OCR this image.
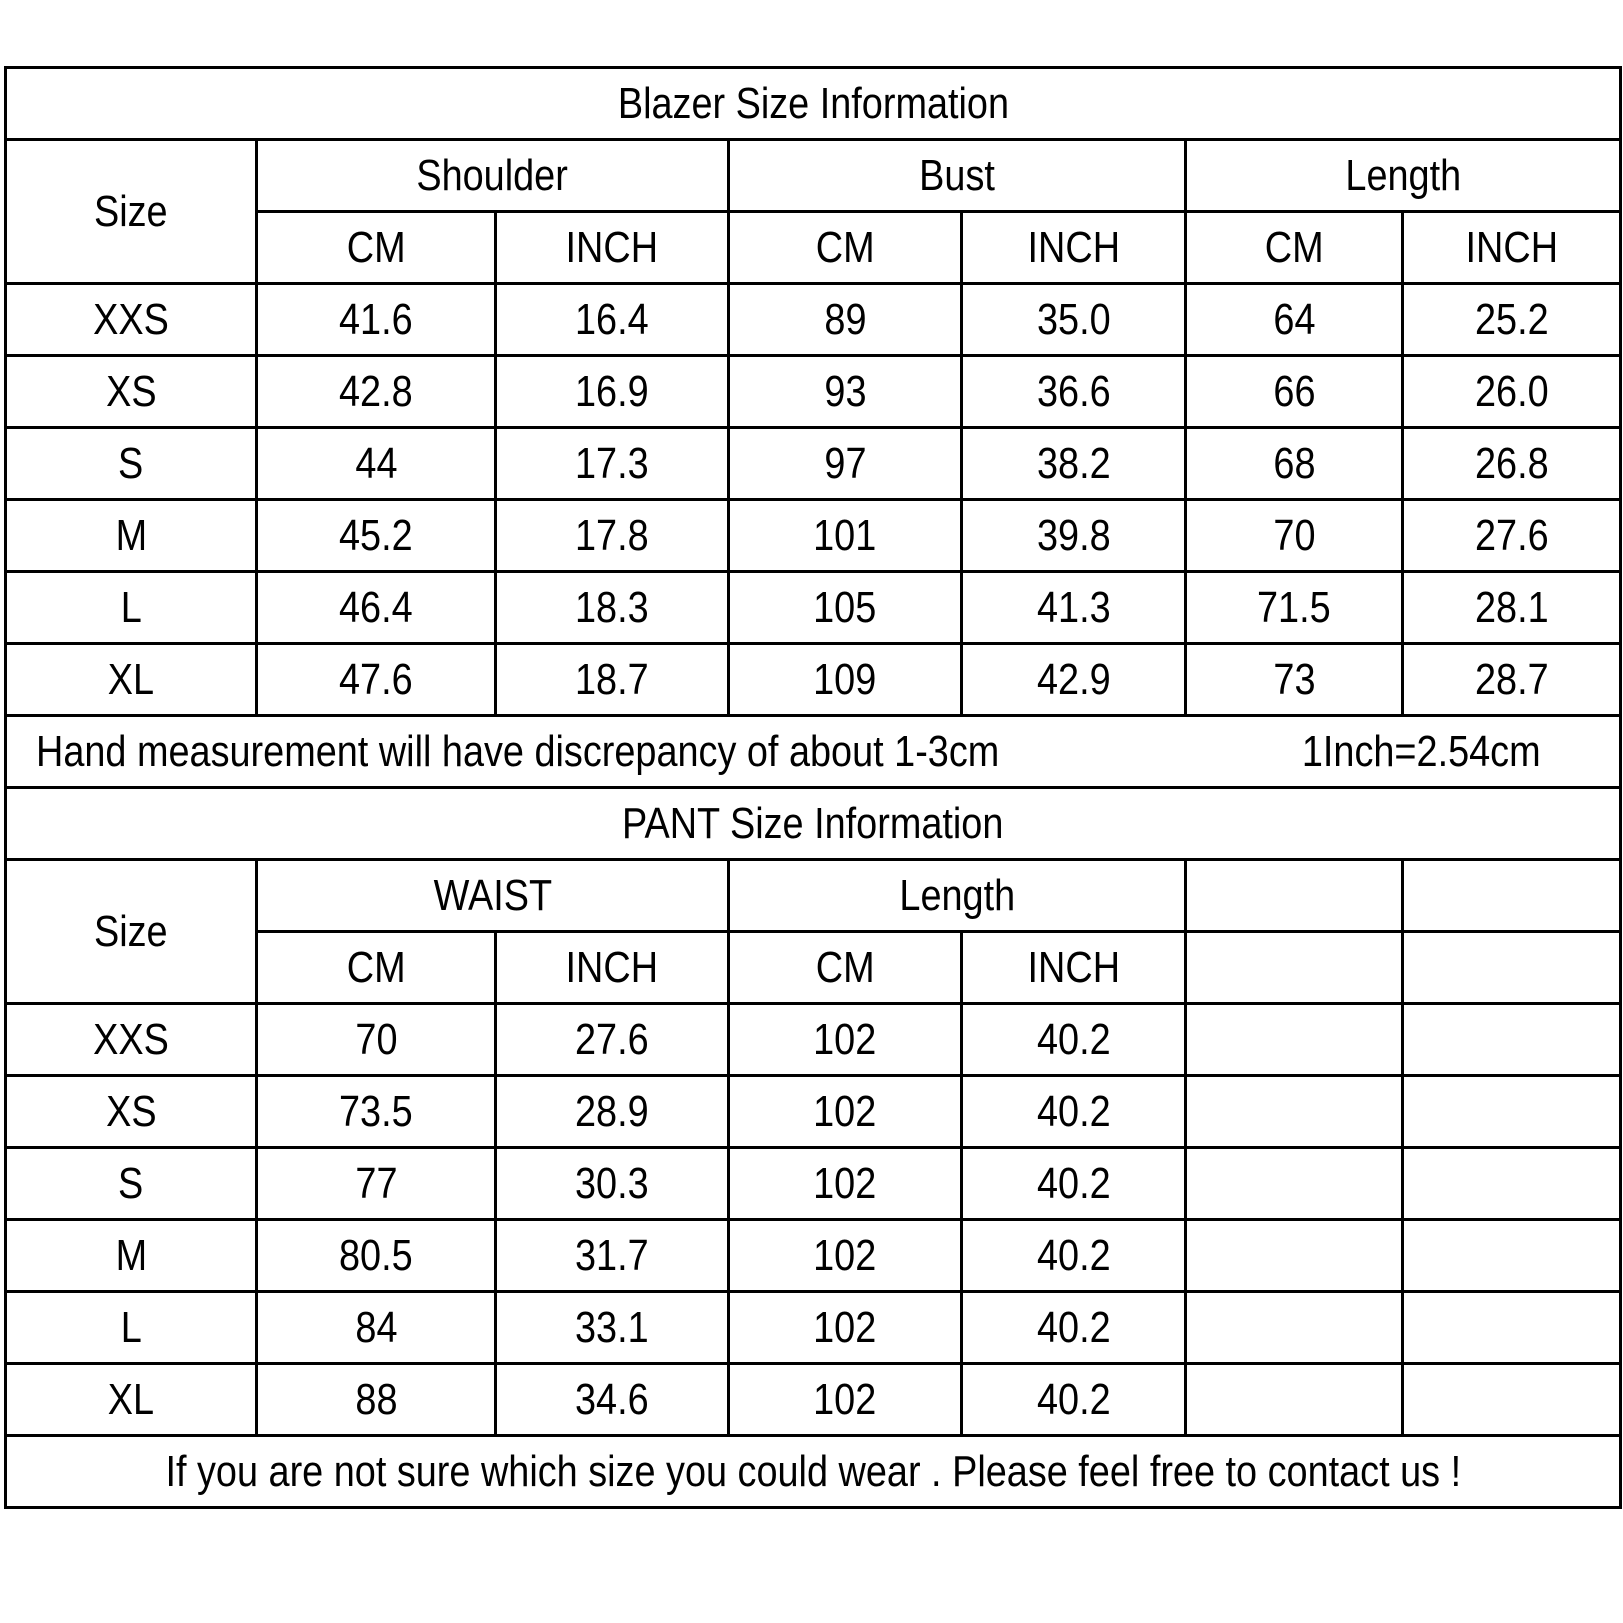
Blazer Size Information						
Size	Shoulder		Bust		Length	
	CM	INCH	CM	INCH	CM	INCH
XXS	41.6	16.4	89	35.0	64	25.2
XS	42.8	16.9	93	36.6	66	26.0
S	44	17.3	97	38.2	68	26.8
M	45.2	17.8	101	39.8	70	27.6
L	46.4	18.3	105	41.3	71.5	28.1
XL	47.6	18.7	109	42.9	73	28.7
Hand measurement will have discrepancy of about 1-3cm					1Inch=2.54cm	
PANT Size Information						
Size	WAIST		Length			
	CM	INCH	CM	INCH		
XXS	70	27.6	102	40.2		
XS	73.5	28.9	102	40.2		
S	77	30.3	102	40.2		
M	80.5	31.7	102	40.2		
L	84	33.1	102	40.2		
XL	88	34.6	102	40.2		
If you are not sure which size you could wear . Please feel free to contact us !						
